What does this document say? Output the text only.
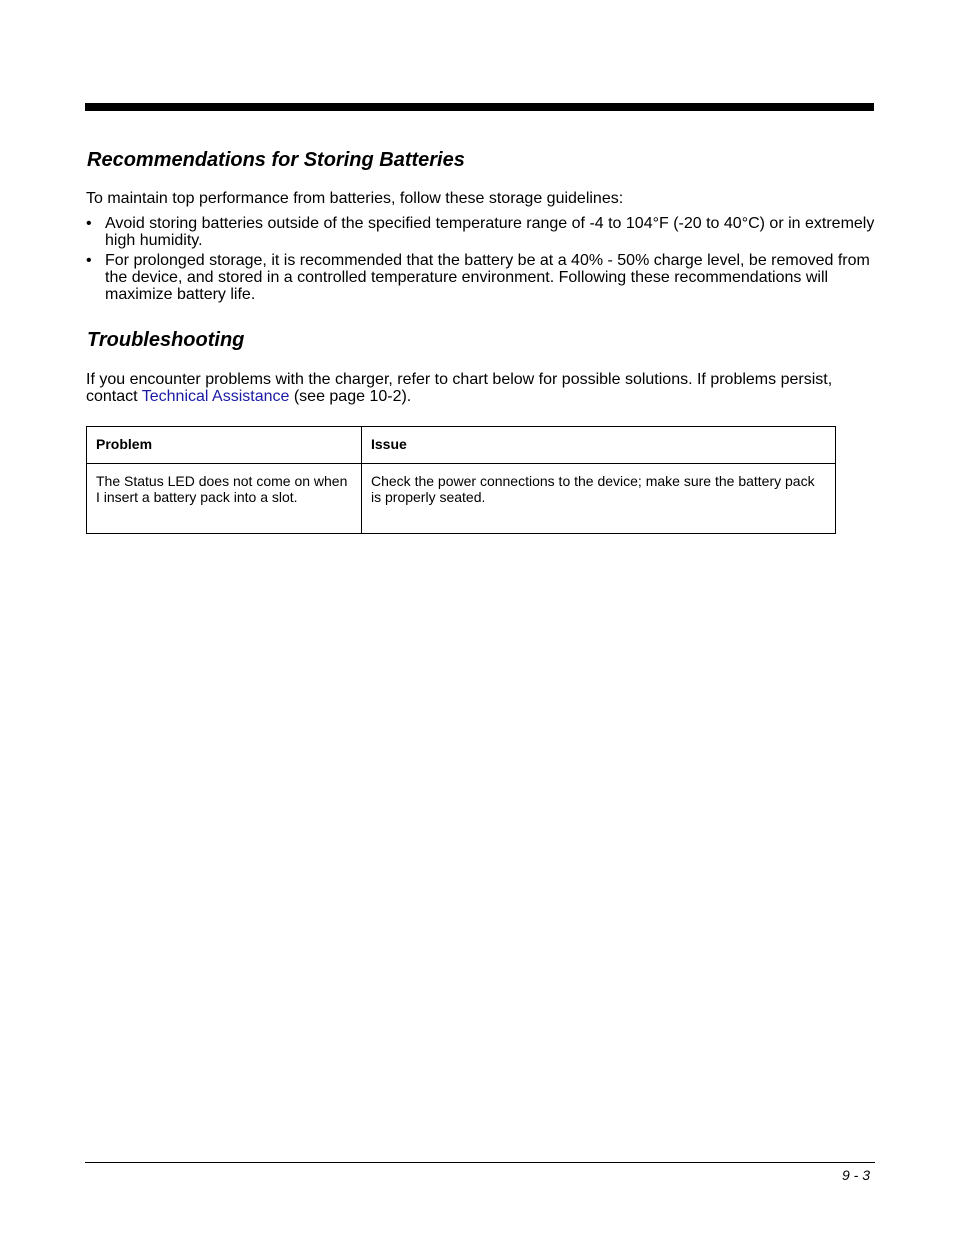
Recommendations for Storing Batteries

To maintain top performance from batteries, follow these storage guidelines:

• Avoid storing batteries outside of the specified temperature range of -4 to 104°F (-20 to 40°C) or in extremely high humidity.
• For prolonged storage, it is recommended that the battery be at a 40% - 50% charge level, be removed from the device, and stored in a controlled temperature environment. Following these recommendations will maximize battery life.
Troubleshooting

If you encounter problems with the charger, refer to chart below for possible solutions. If problems persist, contact Technical Assistance (see page 10-2).

Problem	Issue
The Status LED does not come on when I insert a battery pack into a slot.	Check the power connections to the device; make sure the battery pack is properly seated.
9 - 3
